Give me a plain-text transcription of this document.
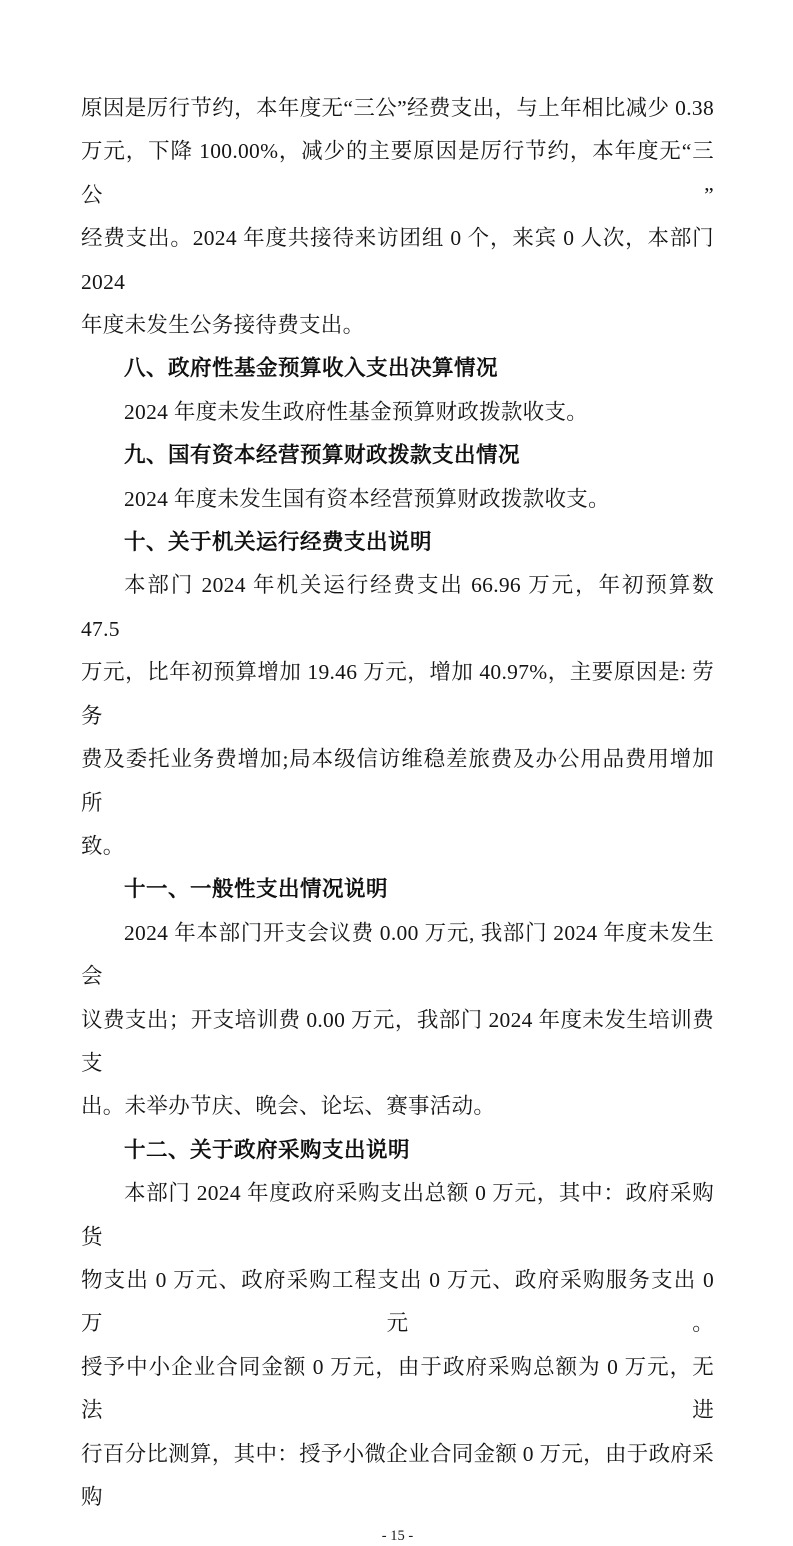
原因是厉行节约，本年度无“三公”经费支出，与上年相比减少 0.38
万元，下降 100.00%，减少的主要原因是厉行节约，本年度无“三公”
经费支出。2024 年度共接待来访团组 0 个，来宾 0 人次，本部门 2024
年度未发生公务接待费支出。
八、政府性基金预算收入支出决算情况
2024 年度未发生政府性基金预算财政拨款收支。
九、国有资本经营预算财政拨款支出情况
2024 年度未发生国有资本经营预算财政拨款收支。
十、关于机关运行经费支出说明
本部门 2024 年机关运行经费支出 66.96 万元，年初预算数 47.5
万元，比年初预算增加 19.46 万元，增加 40.97%，主要原因是: 劳务
费及委托业务费增加;局本级信访维稳差旅费及办公用品费用增加所
致。
十一、一般性支出情况说明
2024 年本部门开支会议费 0.00 万元, 我部门 2024 年度未发生会
议费支出；开支培训费 0.00 万元，我部门 2024 年度未发生培训费支
出。未举办节庆、晚会、论坛、赛事活动。
十二、关于政府采购支出说明
本部门 2024 年度政府采购支出总额 0 万元，其中：政府采购货
物支出 0 万元、政府采购工程支出 0 万元、政府采购服务支出 0 万元。
授予中小企业合同金额 0 万元，由于政府采购总额为 0 万元，无法进
行百分比测算，其中：授予小微企业合同金额 0 万元，由于政府采购
- 15 -
